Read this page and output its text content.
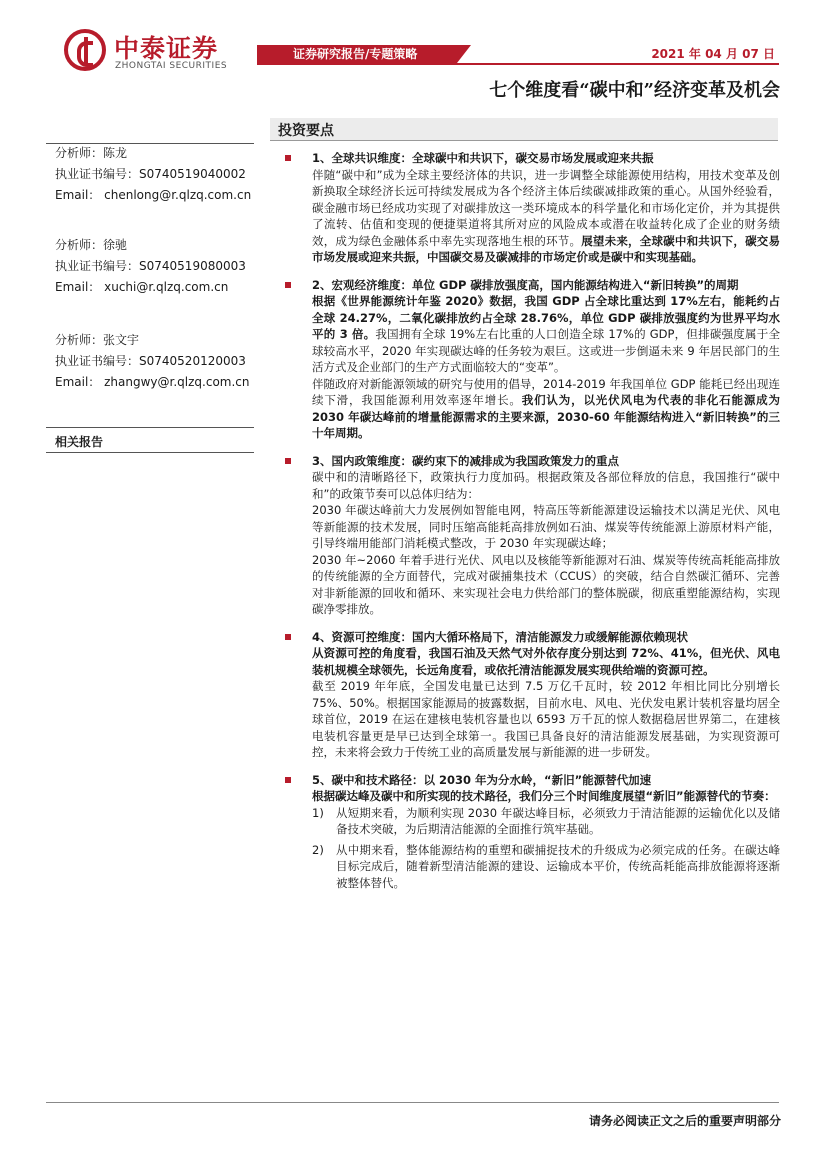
中泰证券
ZHONGTAI SECURITIES
证券研究报告/专题策略	2021 年 04 月 07 日
七个维度看“碳中和”经济变革及机会
分析师：陈龙
执业证书编号：S0740519040002
Email： chenlong@r.qlzq.com.cn
分析师：徐驰
执业证书编号：S0740519080003
Email： xuchi@r.qlzq.com.cn
分析师：张文宇
执业证书编号：S0740520120003
Email： zhangwy@r.qlzq.com.cn
相关报告
投资要点
1、全球共识维度：全球碳中和共识下，碳交易市场发展或迎来共振
伴随“碳中和”成为全球主要经济体的共识，进一步调整全球能源使用结构，用技术变革及创新换取全球经济长远可持续发展成为各个经济主体后续碳减排政策的重心。从国外经验看，碳金融市场已经成功实现了对碳排放这一类环境成本的科学量化和市场化定价，并为其提供了流转、估值和变现的便捷渠道将其所对应的风险成本或潜在收益转化成了企业的财务绩效，成为绿色金融体系中率先实现落地生根的环节。展望未来，全球碳中和共识下，碳交易市场发展或迎来共振，中国碳交易及碳减排的市场定价或是碳中和实现基础。
2、宏观经济维度：单位 GDP 碳排放强度高，国内能源结构进入“新旧转换”的周期
根据《世界能源统计年鉴 2020》数据，我国 GDP 占全球比重达到 17%左右，能耗约占全球 24.27%，二氧化碳排放约占全球 28.76%，单位 GDP 碳排放强度约为世界平均水平的 3 倍。我国拥有全球 19%左右比重的人口创造全球 17%的 GDP，但排碳强度属于全球较高水平，2020 年实现碳达峰的任务较为艰巨。这或进一步倒逼未来 9 年居民部门的生活方式及企业部门的生产方式面临较大的“变革”。
伴随政府对新能源领域的研究与使用的倡导，2014-2019 年我国单位 GDP 能耗已经出现连续下滑，我国能源利用效率逐年增长。我们认为，以光伏风电为代表的非化石能源成为 2030 年碳达峰前的增量能源需求的主要来源，2030-60 年能源结构进入“新旧转换”的三十年周期。
3、国内政策维度：碳约束下的减排成为我国政策发力的重点
碳中和的清晰路径下，政策执行力度加码。根据政策及各部位释放的信息，我国推行“碳中和”的政策节奏可以总体归结为：
2030 年碳达峰前大力发展例如智能电网，特高压等新能源建设运输技术以满足光伏、风电等新能源的技术发展，同时压缩高能耗高排放例如石油、煤炭等传统能源上游原材料产能，引导终端用能部门消耗模式整改，于 2030 年实现碳达峰；
2030 年~2060 年着手进行光伏、风电以及核能等新能源对石油、煤炭等传统高耗能高排放的传统能源的全方面替代，完成对碳捕集技术（CCUS）的突破，结合自然碳汇循环、完善对非新能源的回收和循环、来实现社会电力供给部门的整体脱碳，彻底重塑能源结构，实现碳净零排放。
4、资源可控维度：国内大循环格局下，清洁能源发力或缓解能源依赖现状
从资源可控的角度看，我国石油及天然气对外依存度分别达到 72%、41%，但光伏、风电装机规模全球领先，长远角度看，或依托清洁能源发展实现供给端的资源可控。
截至 2019 年年底，全国发电量已达到 7.5 万亿千瓦时，较 2012 年相比同比分别增长 75%、50%。根据国家能源局的披露数据，目前水电、风电、光伏发电累计装机容量均居全球首位，2019 在运在建核电装机容量也以 6593 万千瓦的惊人数据稳居世界第二，在建核电装机容量更是早已达到全球第一。我国已具备良好的清洁能源发展基础，为实现资源可控，未来将会致力于传统工业的高质量发展与新能源的进一步研发。
5、碳中和技术路径：以 2030 年为分水岭，“新旧”能源替代加速
根据碳达峰及碳中和所实现的技术路径，我们分三个时间维度展望“新旧”能源替代的节奏：
1)	从短期来看，为顺利实现 2030 年碳达峰目标，必须致力于清洁能源的运输优化以及储备技术突破，为后期清洁能源的全面推行筑牢基础。
2)	从中期来看，整体能源结构的重塑和碳捕捉技术的升级成为必须完成的任务。在碳达峰目标完成后，随着新型清洁能源的建设、运输成本平价，传统高耗能高排放能源将逐渐被整体替代。
请务必阅读正文之后的重要声明部分
